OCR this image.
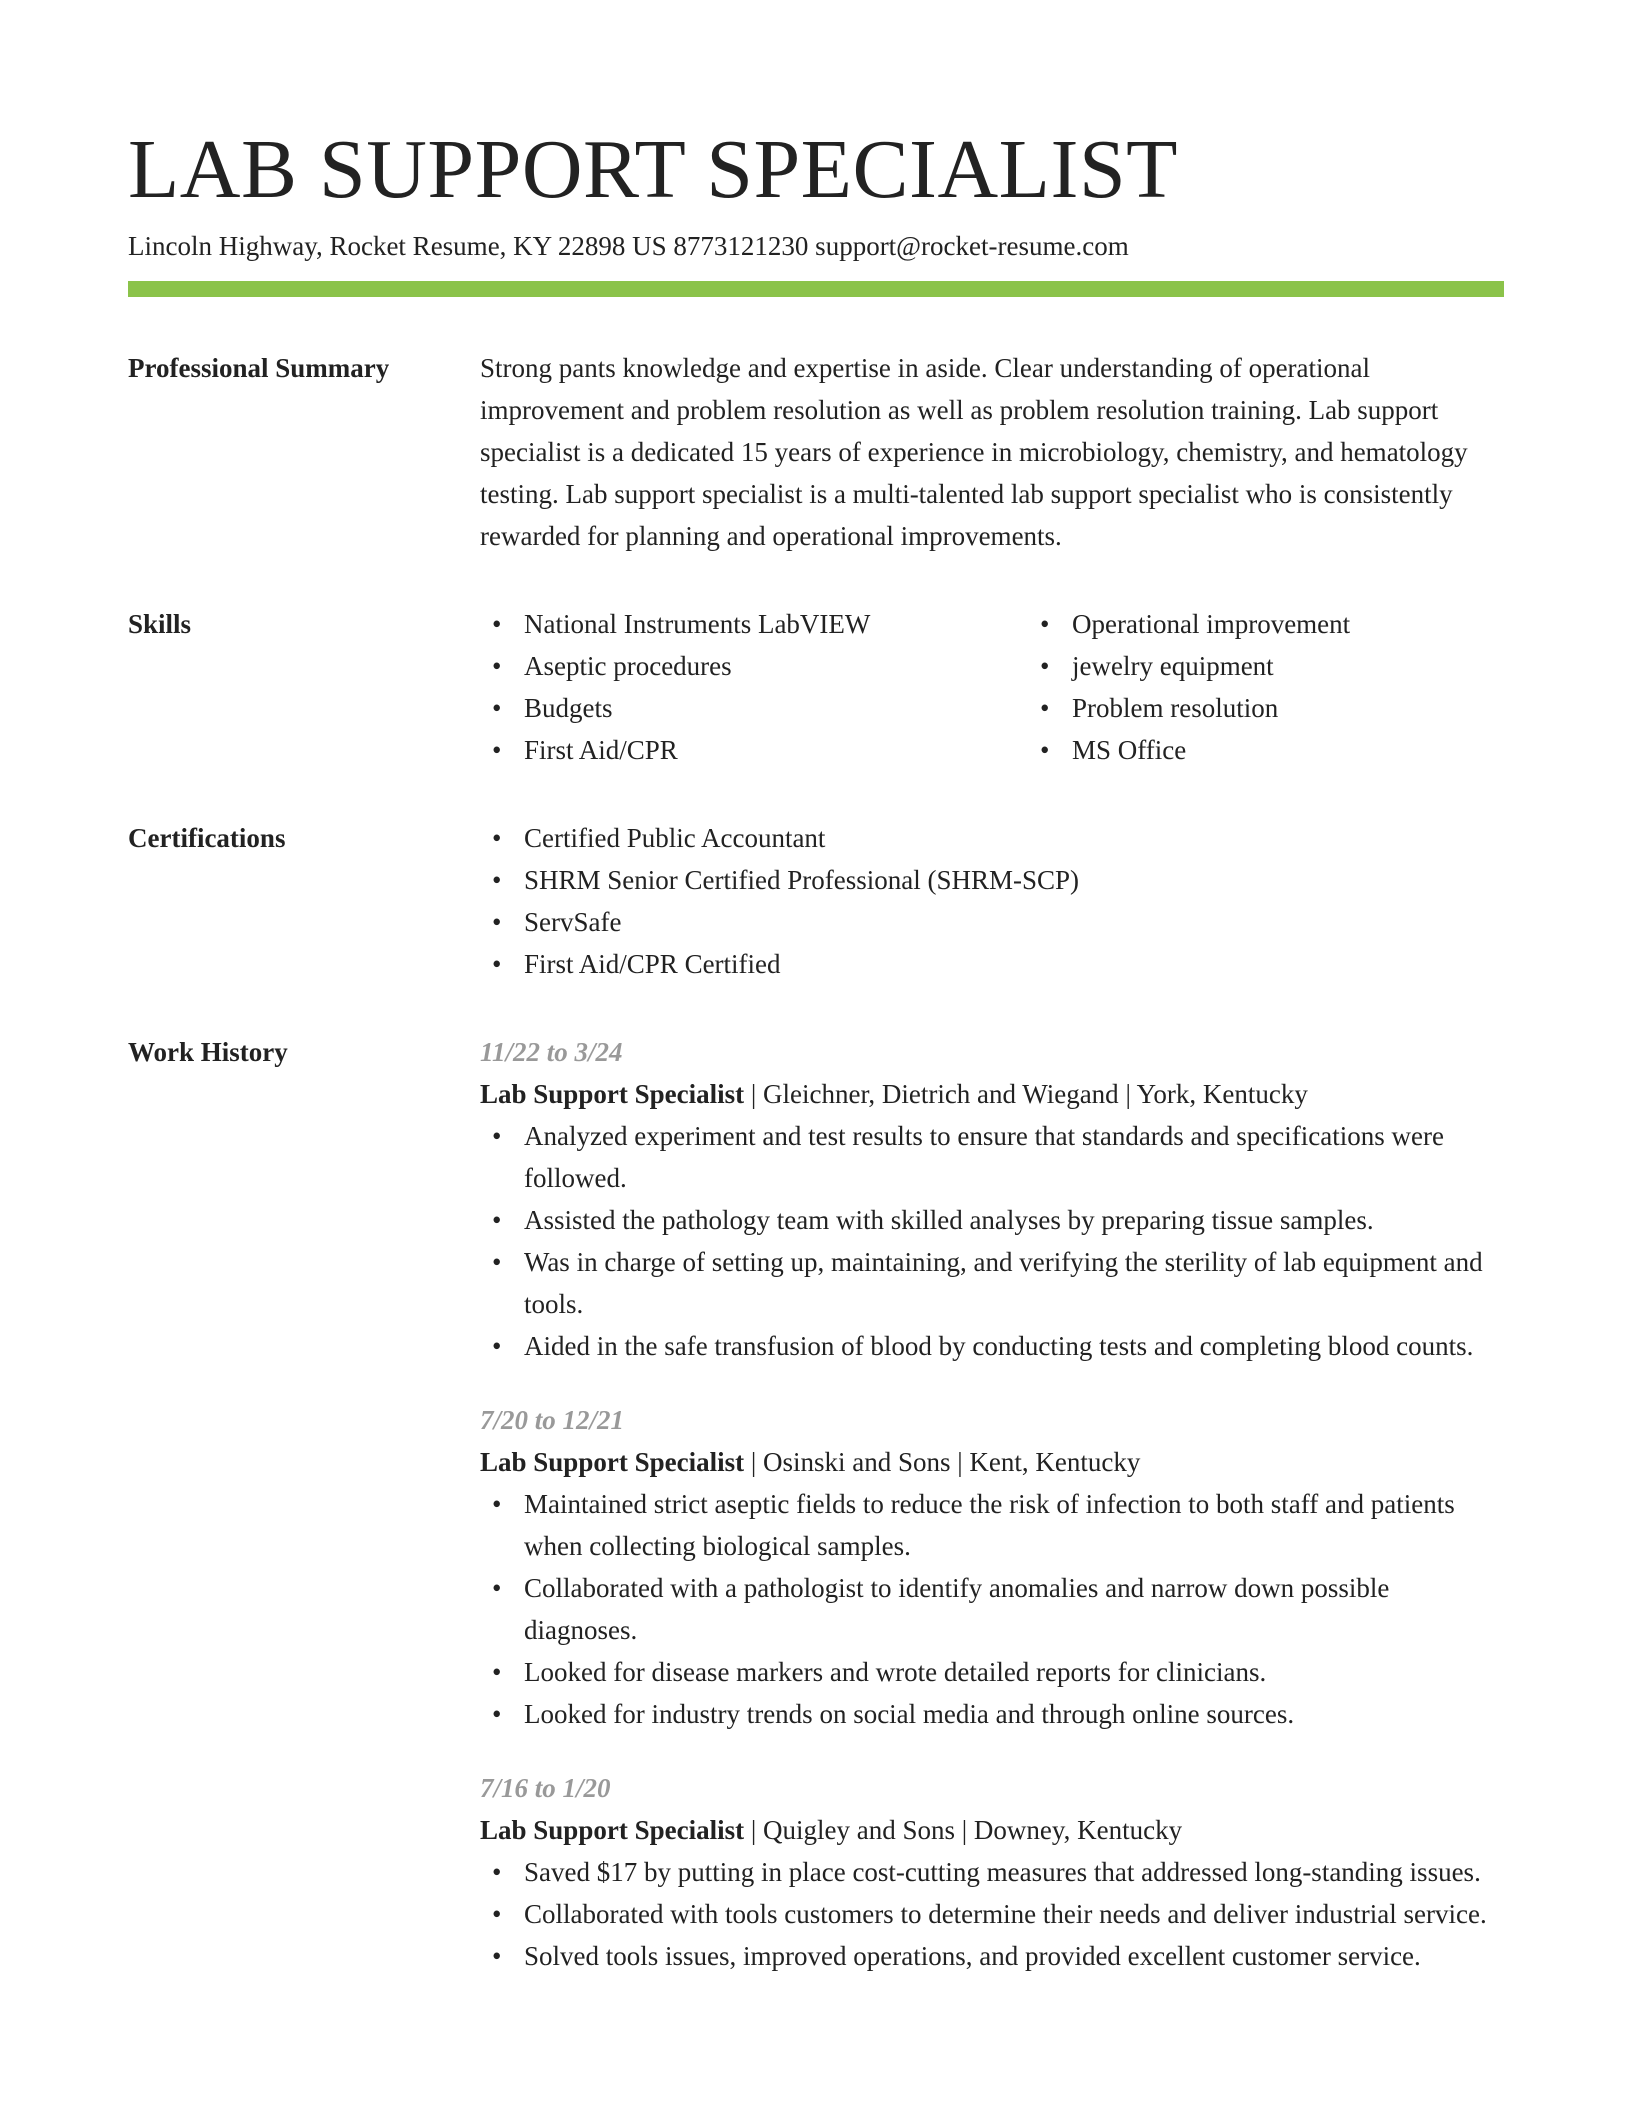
LAB SUPPORT SPECIALIST
Lincoln Highway, Rocket Resume, KY 22898 US 8773121230 support@rocket-resume.com
Professional Summary	Strong pants knowledge and expertise in aside. Clear understanding of operational improvement and problem resolution as well as problem resolution training. Lab support specialist is a dedicated 15 years of experience in microbiology, chemistry, and hematology testing. Lab support specialist is a multi-talented lab support specialist who is consistently rewarded for planning and operational improvements.
Skills	• National Instruments LabVIEW
• Aseptic procedures
• Budgets
• First Aid/CPR
• Operational improvement
• jewelry equipment
• Problem resolution
• MS Office
Certifications	• Certified Public Accountant
• SHRM Senior Certified Professional (SHRM-SCP)
• ServSafe
• First Aid/CPR Certified
Work History	11/22 to 3/24
Lab Support Specialist | Gleichner, Dietrich and Wiegand | York, Kentucky
• Analyzed experiment and test results to ensure that standards and specifications were followed.
• Assisted the pathology team with skilled analyses by preparing tissue samples.
• Was in charge of setting up, maintaining, and verifying the sterility of lab equipment and tools.
• Aided in the safe transfusion of blood by conducting tests and completing blood counts.
7/20 to 12/21
Lab Support Specialist | Osinski and Sons | Kent, Kentucky
• Maintained strict aseptic fields to reduce the risk of infection to both staff and patients when collecting biological samples.
• Collaborated with a pathologist to identify anomalies and narrow down possible diagnoses.
• Looked for disease markers and wrote detailed reports for clinicians.
• Looked for industry trends on social media and through online sources.
7/16 to 1/20
Lab Support Specialist | Quigley and Sons | Downey, Kentucky
• Saved $17 by putting in place cost-cutting measures that addressed long-standing issues.
• Collaborated with tools customers to determine their needs and deliver industrial service.
• Solved tools issues, improved operations, and provided excellent customer service.
